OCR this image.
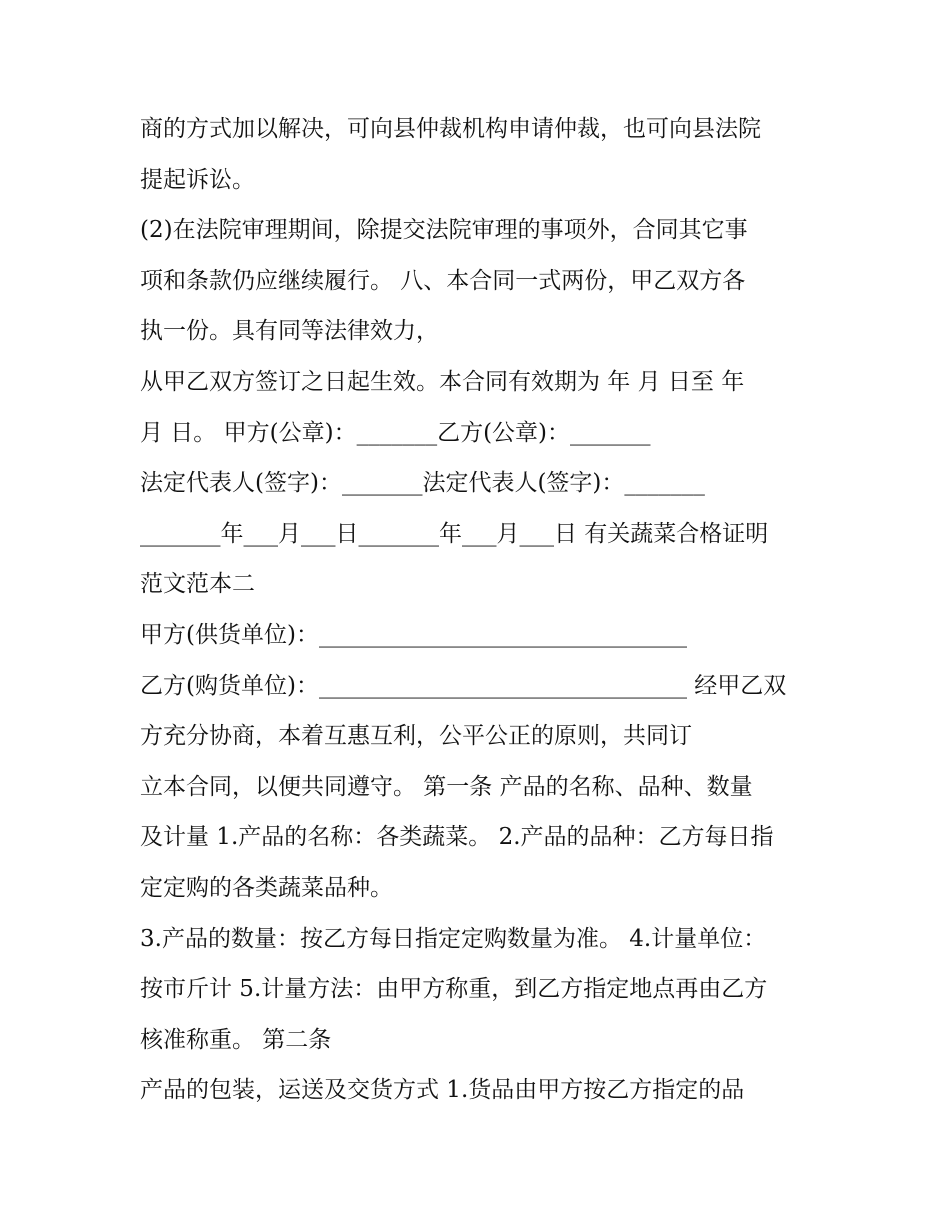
商的方式加以解决，可向县仲裁机构申请仲裁，也可向县法院
提起诉讼。
(2)在法院审理期间，除提交法院审理的事项外，合同其它事
项和条款仍应继续履行。 八、本合同一式两份，甲乙双方各
执一份。具有同等法律效力，
从甲乙双方签订之日起生效。本合同有效期为 年 月 日至 年
月 日。 甲方(公章)：_______乙方(公章)：_______
法定代表人(签字)：_______法定代表人(签字)：_______
_______年___月___日_______年___月___日 有关蔬菜合格证明
范文范本二
甲方(供货单位)：________________________________
乙方(购货单位)：________________________________ 经甲乙双
方充分协商，本着互惠互利，公平公正的原则，共同订
立本合同，以便共同遵守。 第一条 产品的名称、品种、数量
及计量 1.产品的名称：各类蔬菜。 2.产品的品种：乙方每日指
定定购的各类蔬菜品种。
3.产品的数量：按乙方每日指定定购数量为准。 4.计量单位：
按市斤计 5.计量方法：由甲方称重，到乙方指定地点再由乙方
核准称重。 第二条
产品的包装，运送及交货方式 1.货品由甲方按乙方指定的品
